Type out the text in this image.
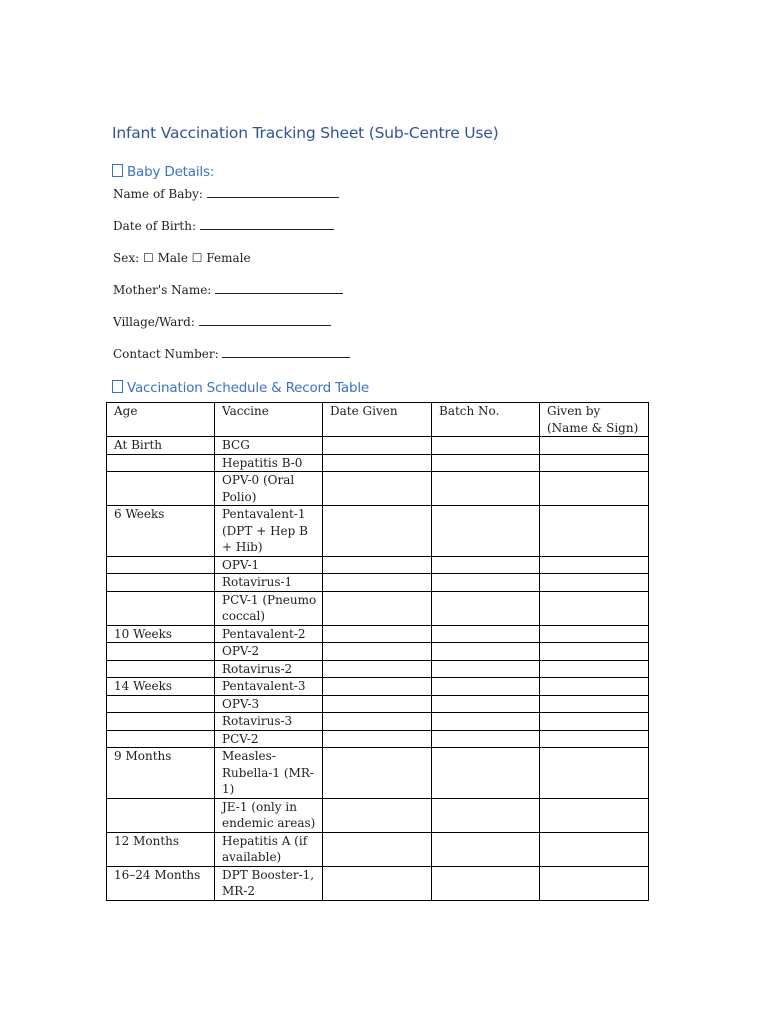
Infant Vaccination Tracking Sheet (Sub-Centre Use)
Baby Details:
Name of Baby:
Date of Birth:
Sex: ☐ Male ☐ Female
Mother's Name:
Village/Ward:
Contact Number:
Vaccination Schedule & Record Table
Age	Vaccine	Date Given	Batch No.	Given by (Name & Sign)
At Birth	BCG			
	Hepatitis B-0			
	OPV-0 (Oral Polio)			
6 Weeks	Pentavalent-1 (DPT + Hep B + Hib)			
	OPV-1			
	Rotavirus-1			
	PCV-1 (Pneumococcal)			
10 Weeks	Pentavalent-2			
	OPV-2			
	Rotavirus-2			
14 Weeks	Pentavalent-3			
	OPV-3			
	Rotavirus-3			
	PCV-2			
9 Months	Measles-Rubella-1 (MR-1)			
	JE-1 (only in endemic areas)			
12 Months	Hepatitis A (if available)			
16–24 Months	DPT Booster-1, MR-2			
